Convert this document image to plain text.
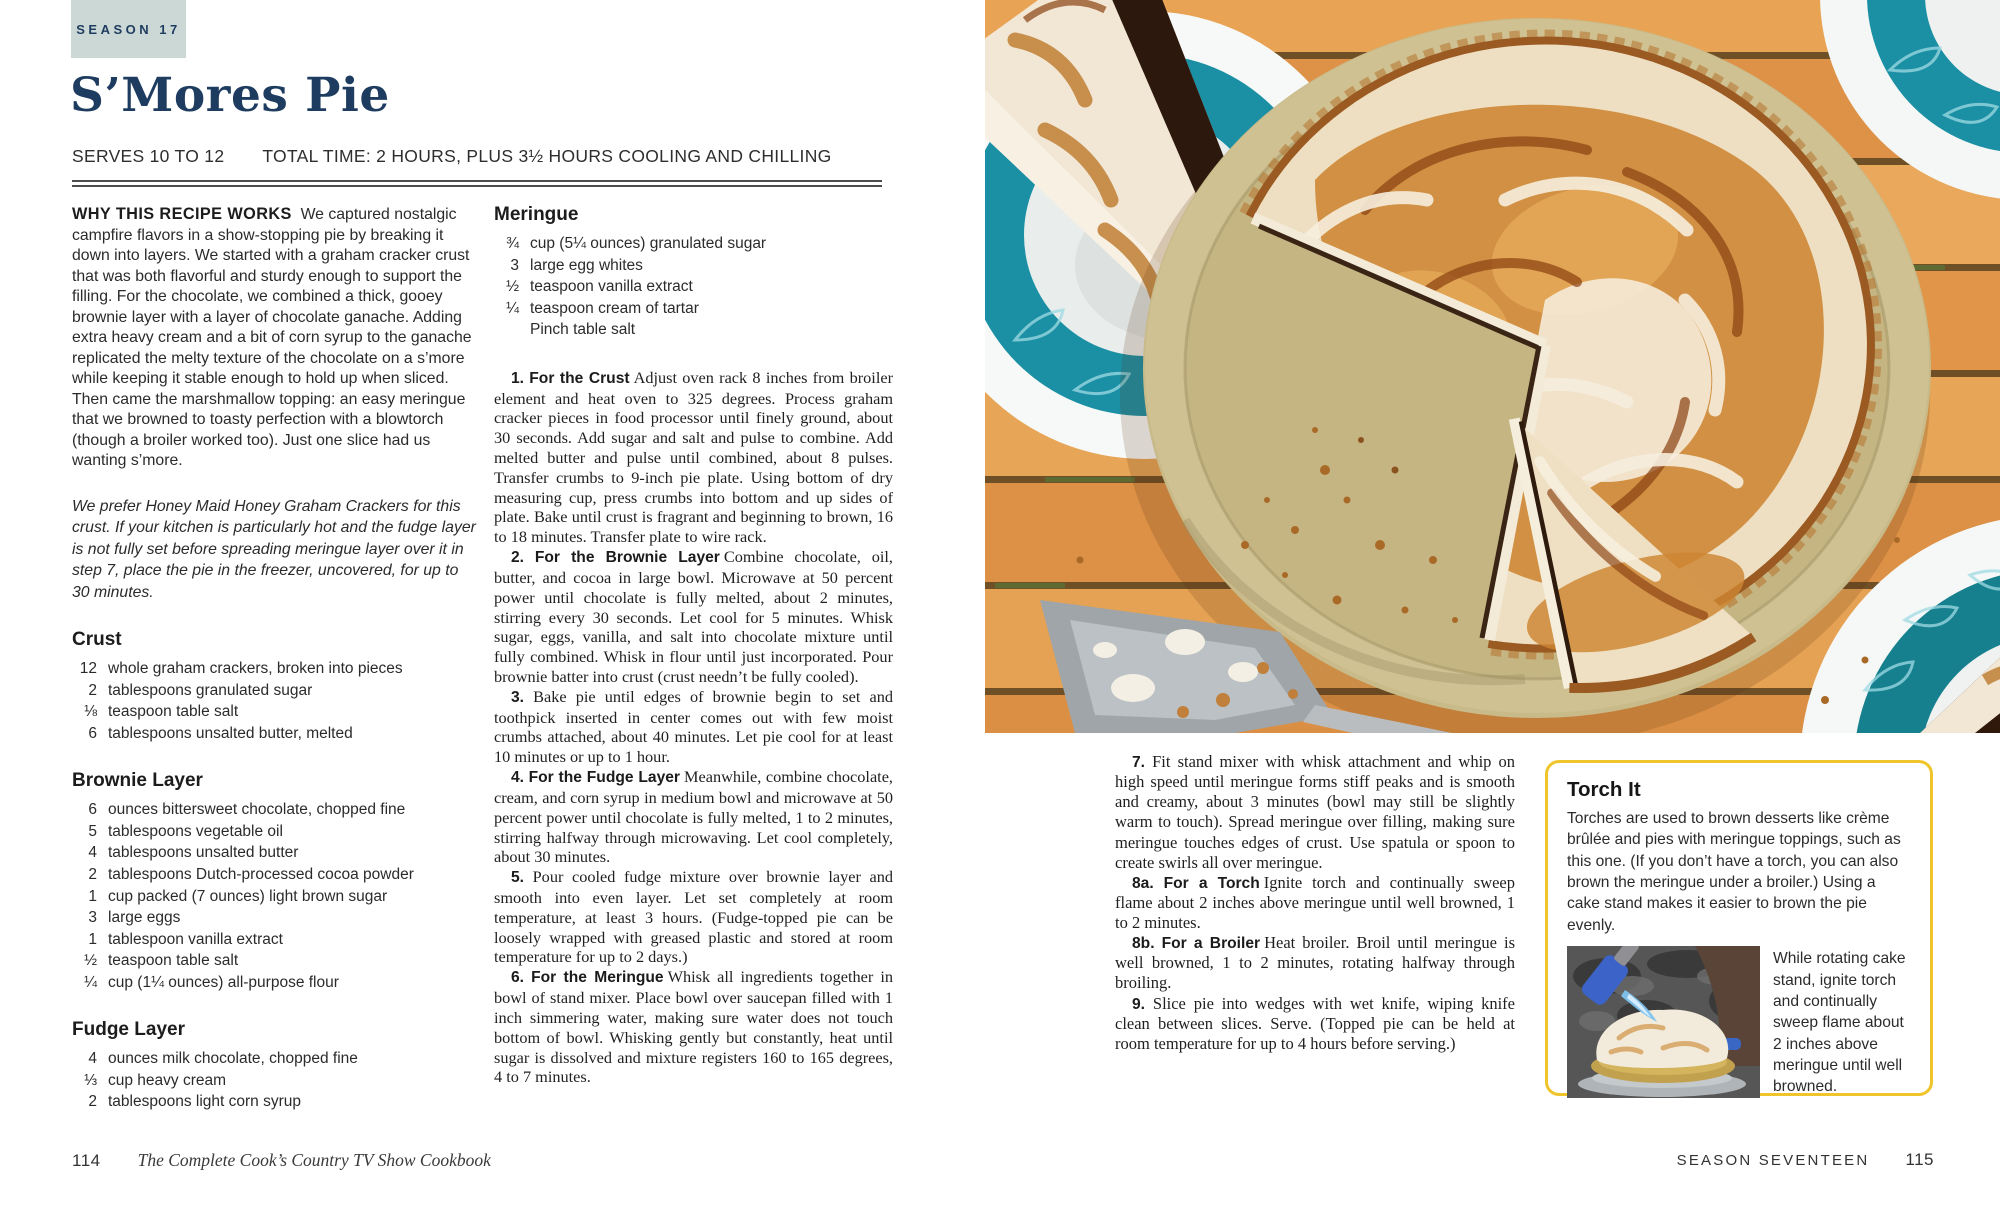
SEASON 17
S’Mores Pie
SERVES 10 TO 12 TOTAL TIME: 2 HOURS, PLUS 3½ HOURS COOLING AND CHILLING

WHY THIS RECIPE WORKS We captured nostalgic campfire flavors in a show-stopping pie by breaking it down into layers. We started with a graham cracker crust that was both flavorful and sturdy enough to support the filling. For the chocolate, we combined a thick, gooey brownie layer with a layer of chocolate ganache. Adding extra heavy cream and a bit of corn syrup to the ganache replicated the melty texture of the chocolate on a s’more while keeping it stable enough to hold up when sliced. Then came the marshmallow topping: an easy meringue that we browned to toasty perfection with a blowtorch (though a broiler worked too). Just one slice had us wanting s’more.

We prefer Honey Maid Honey Graham Crackers for this crust. If your kitchen is particularly hot and the fudge layer is not fully set before spreading meringue layer over it in step 7, place the pie in the freezer, uncovered, for up to 30 minutes.

Crust
12 whole graham crackers, broken into pieces
2 tablespoons granulated sugar
⅛ teaspoon table salt
6 tablespoons unsalted butter, melted
Brownie Layer
6 ounces bittersweet chocolate, chopped fine
5 tablespoons vegetable oil
4 tablespoons unsalted butter
2 tablespoons Dutch-processed cocoa powder
1 cup packed (7 ounces) light brown sugar
3 large eggs
1 tablespoon vanilla extract
½ teaspoon table salt
¼ cup (1¼ ounces) all-purpose flour
Fudge Layer
4 ounces milk chocolate, chopped fine
⅓ cup heavy cream
2 tablespoons light corn syrup
Meringue
¾ cup (5¼ ounces) granulated sugar
3 large egg whites
½ teaspoon vanilla extract
¼ teaspoon cream of tartar
Pinch table salt

1. For the Crust Adjust oven rack 8 inches from broiler element and heat oven to 325 degrees. Process graham cracker pieces in food processor until finely ground, about 30 seconds. Add sugar and salt and pulse to combine. Add melted butter and pulse until combined, about 8 pulses. Transfer crumbs to 9-inch pie plate. Using bottom of dry measuring cup, press crumbs into bottom and up sides of plate. Bake until crust is fragrant and beginning to brown, 16 to 18 minutes. Transfer plate to wire rack.

2. For the Brownie Layer Combine chocolate, oil, butter, and cocoa in large bowl. Microwave at 50 percent power until chocolate is fully melted, about 2 minutes, stirring every 30 seconds. Let cool for 5 minutes. Whisk sugar, eggs, vanilla, and salt into chocolate mixture until fully combined. Whisk in flour until just incorporated. Pour brownie batter into crust (crust needn’t be fully cooled).

3. Bake pie until edges of brownie begin to set and toothpick inserted in center comes out with few moist crumbs attached, about 40 minutes. Let pie cool for at least 10 minutes or up to 1 hour.

4. For the Fudge Layer Meanwhile, combine chocolate, cream, and corn syrup in medium bowl and microwave at 50 percent power until chocolate is fully melted, 1 to 2 minutes, stirring halfway through microwaving. Let cool completely, about 30 minutes.

5. Pour cooled fudge mixture over brownie layer and smooth into even layer. Let set completely at room temperature, at least 3 hours. (Fudge-topped pie can be loosely wrapped with greased plastic and stored at room temperature for up to 2 days.)

6. For the Meringue Whisk all ingredients together in bowl of stand mixer. Place bowl over saucepan filled with 1 inch simmering water, making sure water does not touch bottom of bowl. Whisking gently but constantly, heat until sugar is dissolved and mixture registers 160 to 165 degrees, 4 to 7 minutes.

7. Fit stand mixer with whisk attachment and whip on high speed until meringue forms stiff peaks and is smooth and creamy, about 3 minutes (bowl may still be slightly warm to touch). Spread meringue over filling, making sure meringue touches edges of crust. Use spatula or spoon to create swirls all over meringue.

8a. For a Torch Ignite torch and continually sweep flame about 2 inches above meringue until well browned, 1 to 2 minutes.

8b. For a Broiler Heat broiler. Broil until meringue is well browned, 1 to 2 minutes, rotating halfway through broiling.

9. Slice pie into wedges with wet knife, wiping knife clean between slices. Serve. (Topped pie can be held at room temperature for up to 4 hours before serving.)

Torch It

Torches are used to brown desserts like crème brûlée and pies with meringue toppings, such as this one. (If you don’t have a torch, you can also brown the meringue under a broiler.) Using a cake stand makes it easier to brown the pie evenly.

While rotating cake stand, ignite torch and continually sweep flame about 2 inches above meringue until well browned.
114 The Complete Cook’s Country TV Show Cookbook	SEASON SEVENTEEN 115
